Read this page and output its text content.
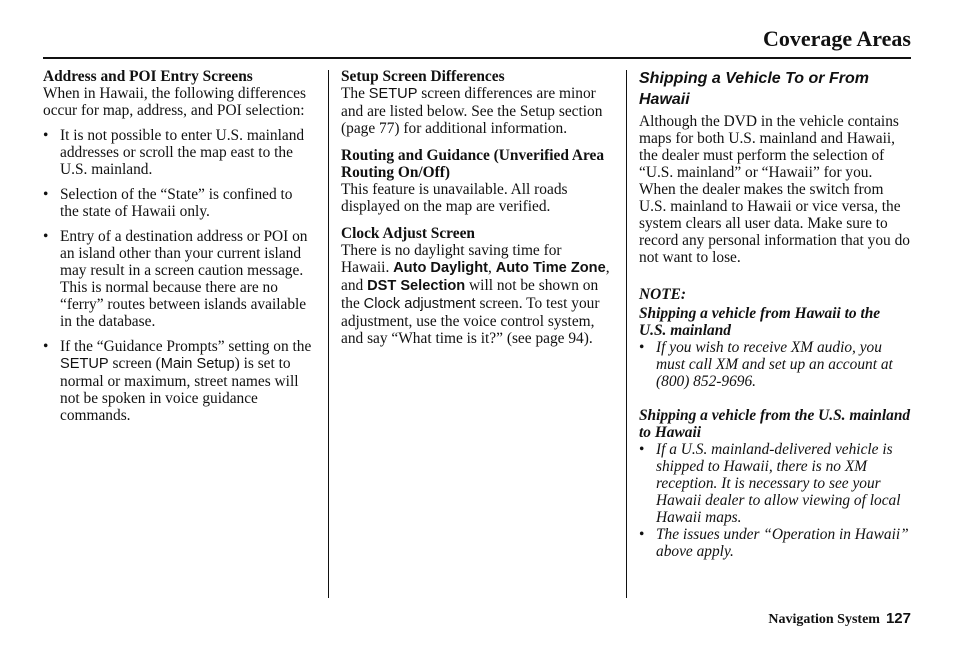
Coverage Areas

Address and POI Entry Screens

When in Hawaii, the following differences occur for map, address, and POI selection:

• It is not possible to enter U.S. mainland addresses or scroll the map east to the U.S. mainland.
• Selection of the “State” is confined to the state of Hawaii only.
• Entry of a destination address or POI on an island other than your current island may result in a screen caution message. This is normal because there are no “ferry” routes between islands available in the database.
• If the “Guidance Prompts” setting on the SETUP screen (Main Setup) is set to normal or maximum, street names will not be spoken in voice guidance commands.

Setup Screen Differences

The SETUP screen differences are minor and are listed below. See the Setup section (page 77) for additional information.

Routing and Guidance (Unverified Area Routing On/Off)

This feature is unavailable. All roads displayed on the map are verified.

Clock Adjust Screen

There is no daylight saving time for Hawaii. Auto Daylight, Auto Time Zone, and DST Selection will not be shown on the Clock adjustment screen. To test your adjustment, use the voice control system, and say “What time is it?” (see page 94).

Shipping a Vehicle To or From Hawaii

Although the DVD in the vehicle contains maps for both U.S. mainland and Hawaii, the dealer must perform the selection of “U.S. mainland” or “Hawaii” for you. When the dealer makes the switch from U.S. mainland to Hawaii or vice versa, the system clears all user data. Make sure to record any personal information that you do not want to lose.

NOTE:

Shipping a vehicle from Hawaii to the U.S. mainland

• If you wish to receive XM audio, you must call XM and set up an account at (800) 852-9696.

Shipping a vehicle from the U.S. mainland to Hawaii

• If a U.S. mainland-delivered vehicle is shipped to Hawaii, there is no XM reception. It is necessary to see your Hawaii dealer to allow viewing of local Hawaii maps.
• The issues under “Operation in Hawaii” above apply.
Navigation System 127
